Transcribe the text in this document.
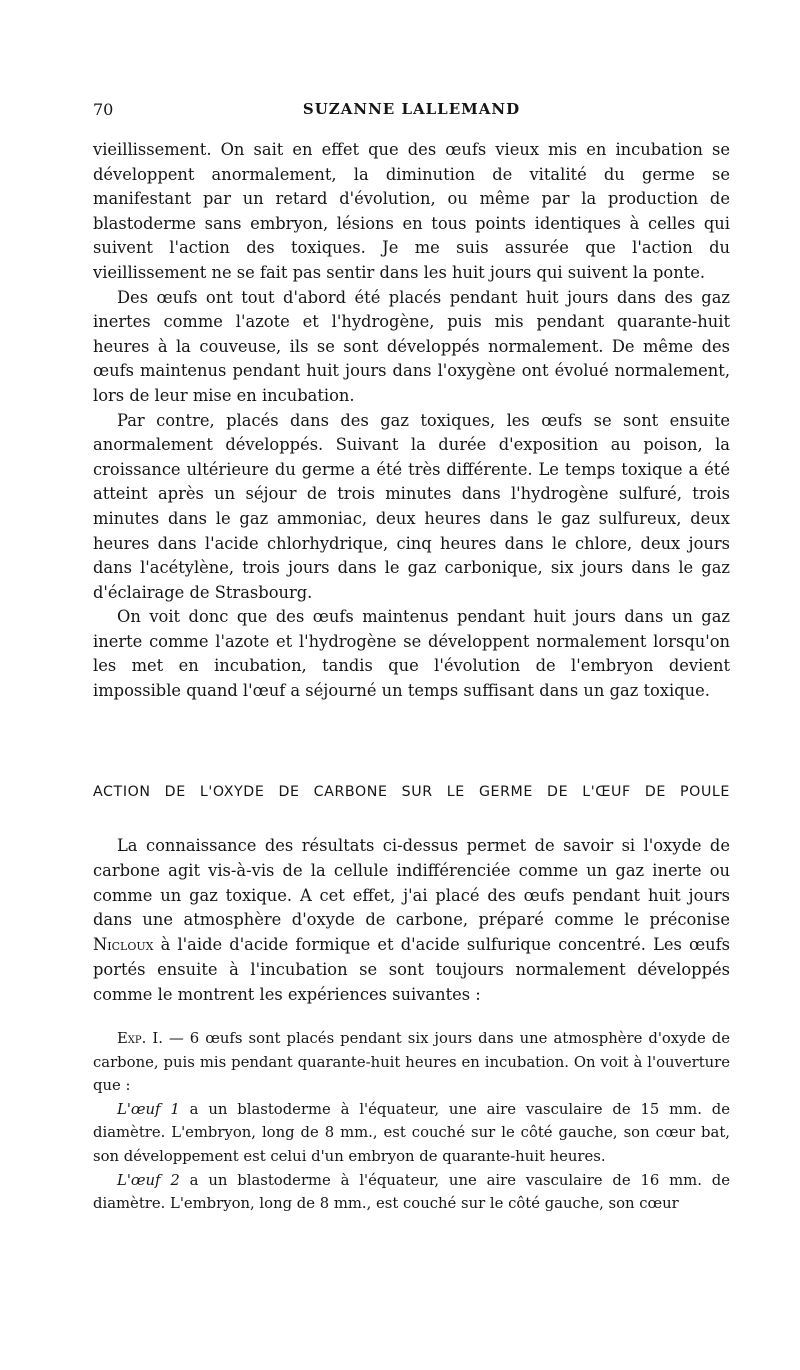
70	SUZANNE LALLEMAND

vieillissement. On sait en effet que des œufs vieux mis en incubation se développent anormalement, la diminution de vitalité du germe se manifestant par un retard d'évolution, ou même par la production de blastoderme sans embryon, lésions en tous points identiques à celles qui suivent l'action des toxiques. Je me suis assurée que l'action du vieillissement ne se fait pas sentir dans les huit jours qui suivent la ponte.

Des œufs ont tout d'abord été placés pendant huit jours dans des gaz inertes comme l'azote et l'hydrogène, puis mis pendant quarante-huit heures à la couveuse, ils se sont développés normalement. De même des œufs maintenus pendant huit jours dans l'oxygène ont évolué normalement, lors de leur mise en incubation.

Par contre, placés dans des gaz toxiques, les œufs se sont ensuite anormalement développés. Suivant la durée d'exposition au poison, la croissance ultérieure du germe a été très différente. Le temps toxique a été atteint après un séjour de trois minutes dans l'hydrogène sulfuré, trois minutes dans le gaz ammoniac, deux heures dans le gaz sulfureux, deux heures dans l'acide chlorhydrique, cinq heures dans le chlore, deux jours dans l'acétylène, trois jours dans le gaz carbonique, six jours dans le gaz d'éclairage de Strasbourg.

On voit donc que des œufs maintenus pendant huit jours dans un gaz inerte comme l'azote et l'hydrogène se développent normalement lorsqu'on les met en incubation, tandis que l'évolution de l'embryon devient impossible quand l'œuf a séjourné un temps suffisant dans un gaz toxique.

ACTION DE L'OXYDE DE CARBONE SUR LE GERME DE L'ŒUF DE POULE

La connaissance des résultats ci-dessus permet de savoir si l'oxyde de carbone agit vis-à-vis de la cellule indifférenciée comme un gaz inerte ou comme un gaz toxique. A cet effet, j'ai placé des œufs pendant huit jours dans une atmosphère d'oxyde de carbone, préparé comme le préconise Nicloux à l'aide d'acide formique et d'acide sulfurique concentré. Les œufs portés ensuite à l'incubation se sont toujours normalement développés comme le montrent les expériences suivantes :

Exp. I. — 6 œufs sont placés pendant six jours dans une atmosphère d'oxyde de carbone, puis mis pendant quarante-huit heures en incubation. On voit à l'ouverture que :

L'œuf 1 a un blastoderme à l'équateur, une aire vasculaire de 15 mm. de diamètre. L'embryon, long de 8 mm., est couché sur le côté gauche, son cœur bat, son développement est celui d'un embryon de quarante-huit heures.

L'œuf 2 a un blastoderme à l'équateur, une aire vasculaire de 16 mm. de diamètre. L'embryon, long de 8 mm., est couché sur le côté gauche, son cœur
